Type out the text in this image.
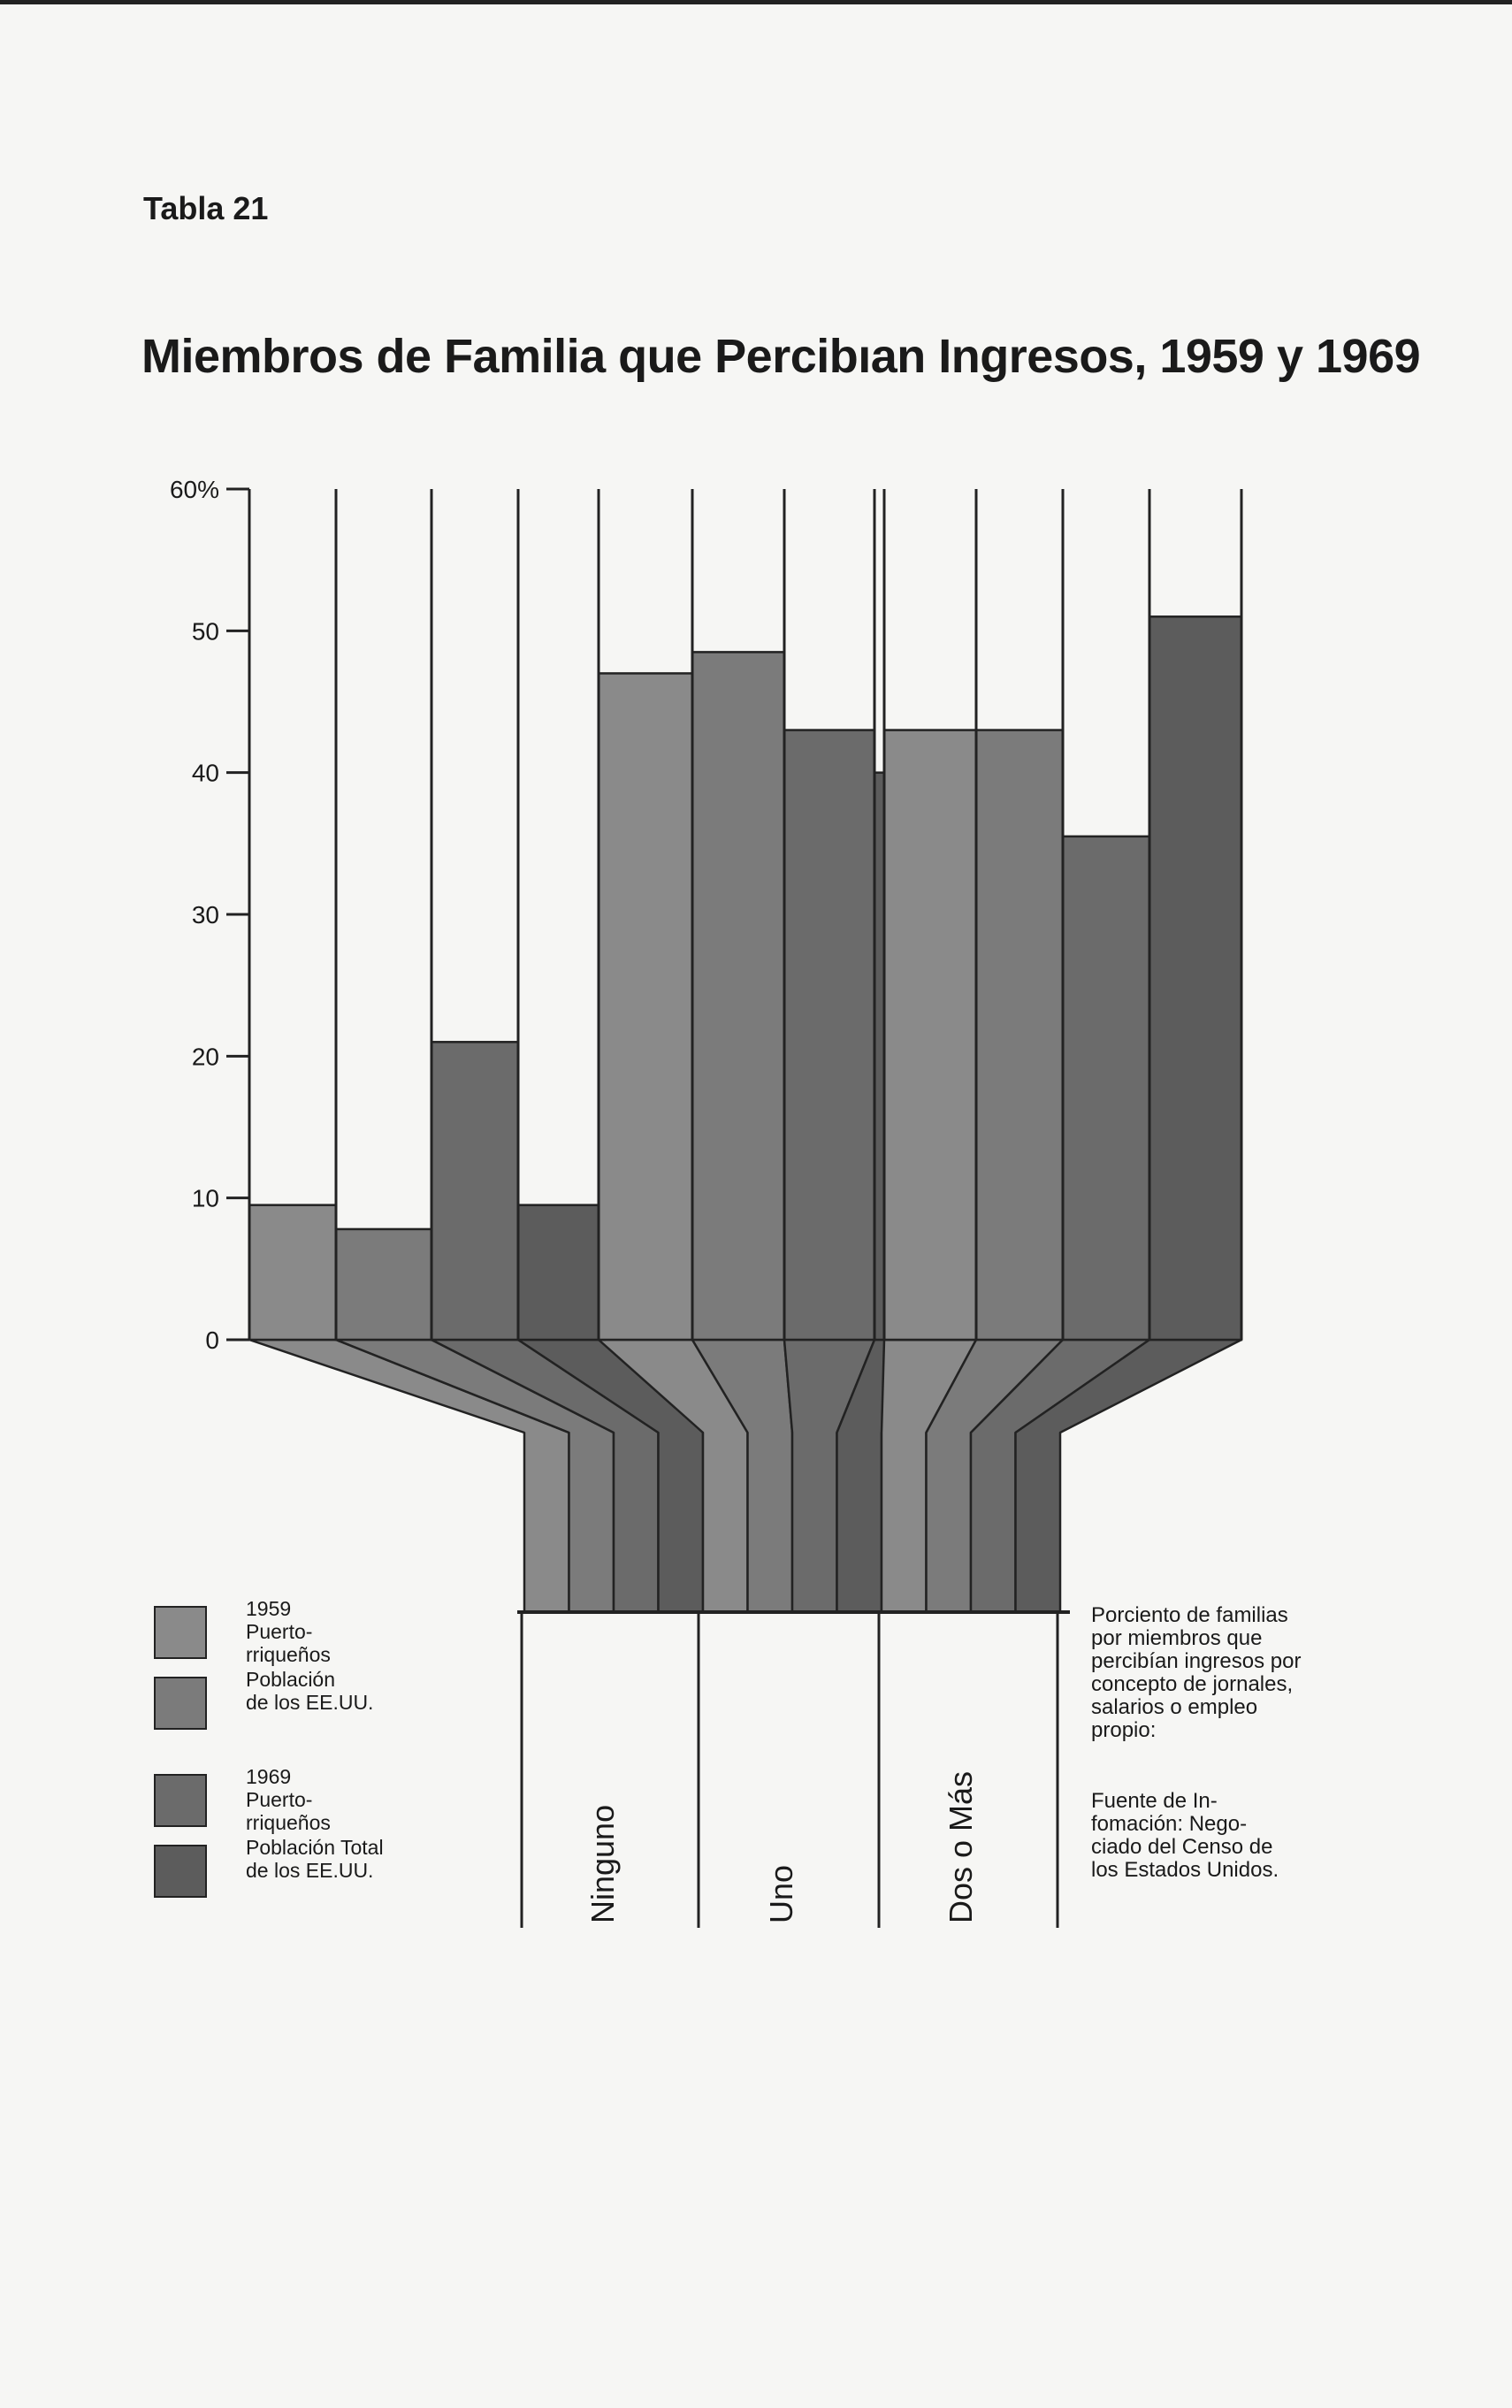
Tabla 21
Miembros de Familia que Percibıan Ingresos, 1959 y 1969
0
10
20
30
40
50
60%
Ninguno	Uno	Dos o Más
1959
Puerto-
rriqueños
Población
de los EE.UU.
1969
Puerto-
rriqueños
Población Total
de los EE.UU.
Porciento de familias por miembros que percibían ingresos por concepto de jornales, salarios o empleo propio:
Fuente de In- fomación: Nego- ciado del Censo de los Estados Unidos.
